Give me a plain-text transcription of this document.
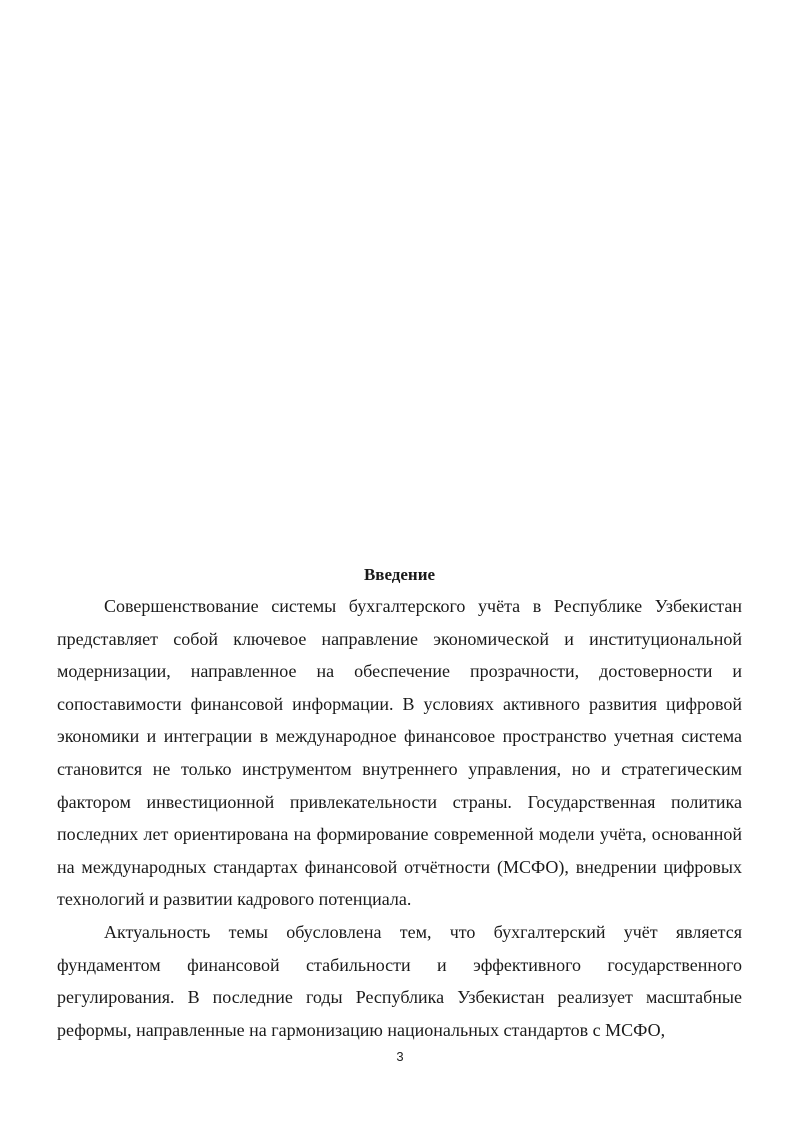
Введение

Совершенствование системы бухгалтерского учёта в Республике Узбекистан представляет собой ключевое направление экономической и институциональной модернизации, направленное на обеспечение прозрачности, достоверности и сопоставимости финансовой информации. В условиях активного развития цифровой экономики и интеграции в международное финансовое пространство учетная система становится не только инструментом внутреннего управления, но и стратегическим фактором инвестиционной привлекательности страны. Государственная политика последних лет ориентирована на формирование современной модели учёта, основанной на международных стандартах финансовой отчётности (МСФО), внедрении цифровых технологий и развитии кадрового потенциала.

Актуальность темы обусловлена тем, что бухгалтерский учёт является фундаментом финансовой стабильности и эффективного государственного регулирования. В последние годы Республика Узбекистан реализует масштабные реформы, направленные на гармонизацию национальных стандартов с МСФО,

3
